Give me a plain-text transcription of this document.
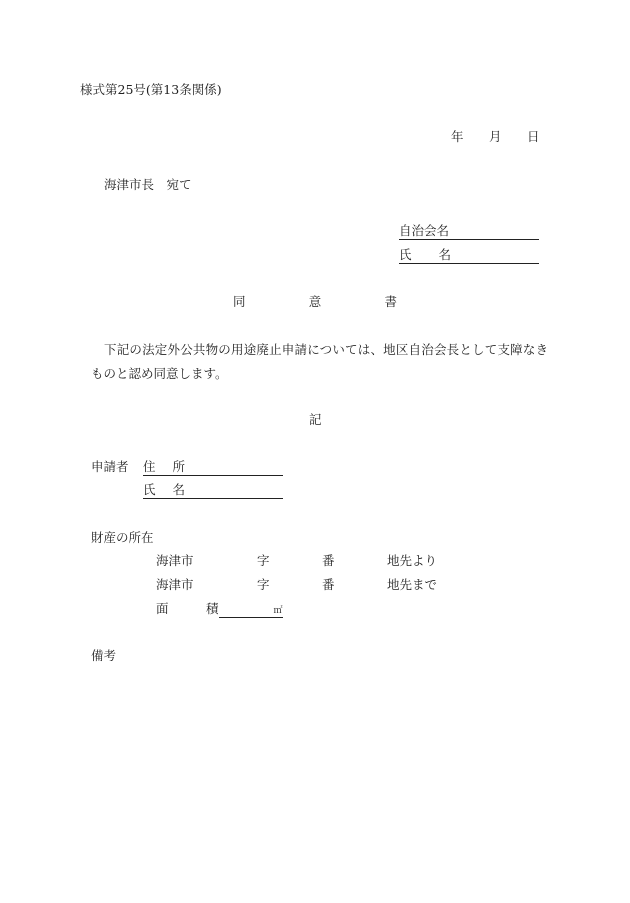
様式第25号(第13条関係)
年 月 日
海津市長　宛て
自治会名
氏 名
同	意	書
下記の法定外公共物の用途廃止申請については、地区自治会長として支障なき
ものと認め同意します。
記
申請者 住 所
氏 名
財産の所在
海津市	字	番	地先より
海津市	字	番	地先まで
面	積	㎡
備考
